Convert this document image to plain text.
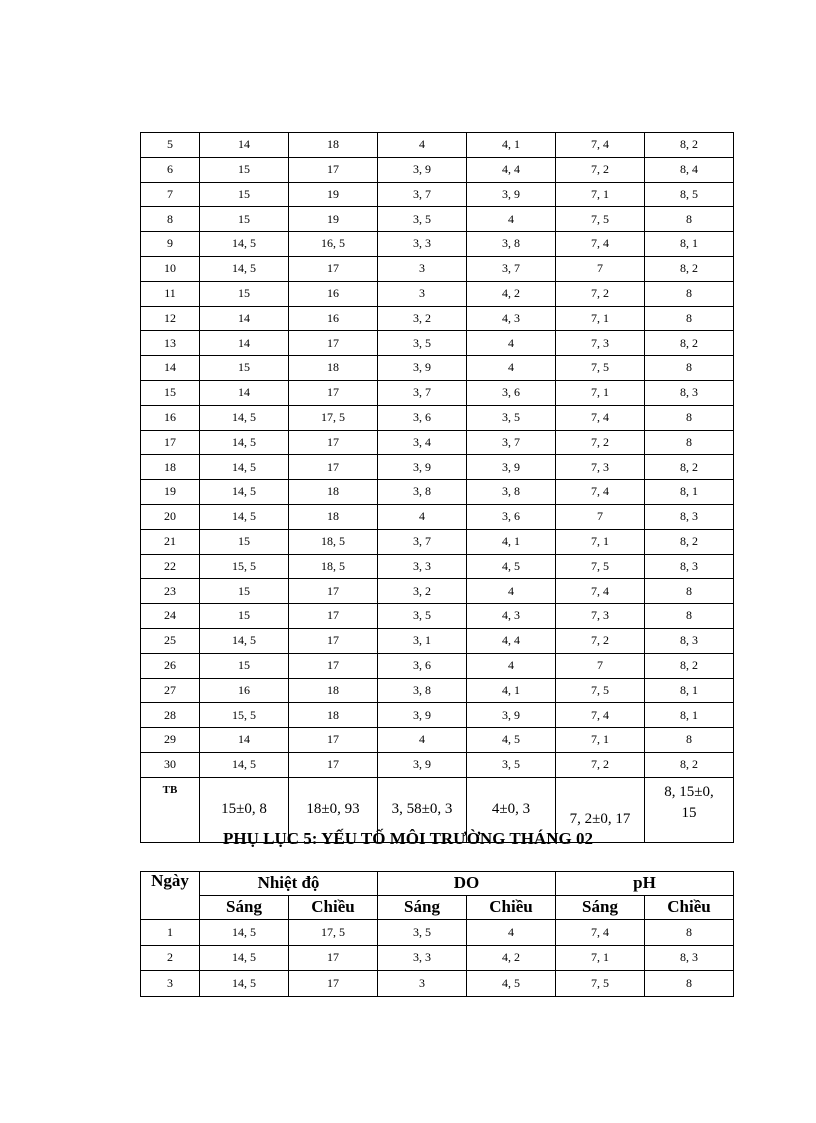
5	14	18	4	4, 1	7, 4	8, 2
6	15	17	3, 9	4, 4	7, 2	8, 4
7	15	19	3, 7	3, 9	7, 1	8, 5
8	15	19	3, 5	4	7, 5	8
9	14, 5	16, 5	3, 3	3, 8	7, 4	8, 1
10	14, 5	17	3	3, 7	7	8, 2
11	15	16	3	4, 2	7, 2	8
12	14	16	3, 2	4, 3	7, 1	8
13	14	17	3, 5	4	7, 3	8, 2
14	15	18	3, 9	4	7, 5	8
15	14	17	3, 7	3, 6	7, 1	8, 3
16	14, 5	17, 5	3, 6	3, 5	7, 4	8
17	14, 5	17	3, 4	3, 7	7, 2	8
18	14, 5	17	3, 9	3, 9	7, 3	8, 2
19	14, 5	18	3, 8	3, 8	7, 4	8, 1
20	14, 5	18	4	3, 6	7	8, 3
21	15	18, 5	3, 7	4, 1	7, 1	8, 2
22	15, 5	18, 5	3, 3	4, 5	7, 5	8, 3
23	15	17	3, 2	4	7, 4	8
24	15	17	3, 5	4, 3	7, 3	8
25	14, 5	17	3, 1	4, 4	7, 2	8, 3
26	15	17	3, 6	4	7	8, 2
27	16	18	3, 8	4, 1	7, 5	8, 1
28	15, 5	18	3, 9	3, 9	7, 4	8, 1
29	14	17	4	4, 5	7, 1	8
30	14, 5	17	3, 9	3, 5	7, 2	8, 2
TB	15±0, 8	18±0, 93	3, 58±0, 3	4±0, 3	7, 2±0, 17	8, 15±0,
15
PHỤ LỤC 5: YẾU TỐ MÔI TRƯỜNG THÁNG 02
Ngày	Nhiệt độ		DO		pH	
	Sáng	Chiều	Sáng	Chiều	Sáng	Chiều
1	14, 5	17, 5	3, 5	4	7, 4	8
2	14, 5	17	3, 3	4, 2	7, 1	8, 3
3	14, 5	17	3	4, 5	7, 5	8
